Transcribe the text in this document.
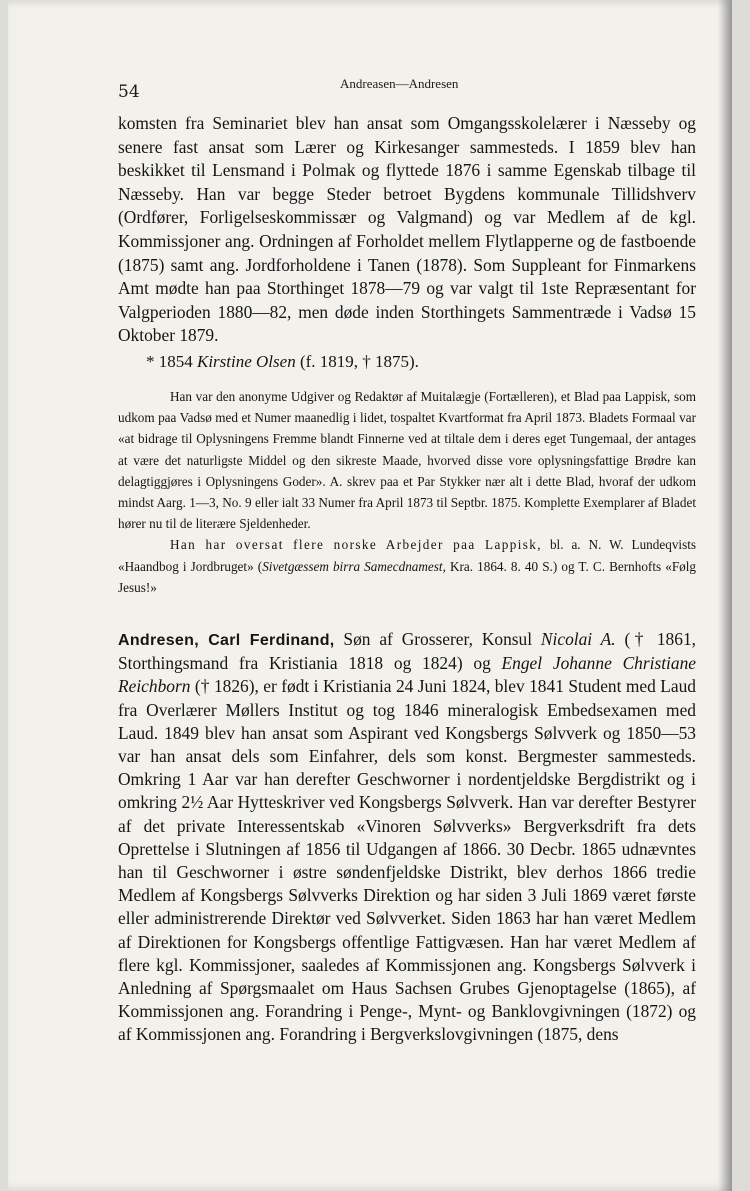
54	Andreasen—Andresen

komsten fra Seminariet blev han ansat som Omgangsskolelærer i Næsseby og senere fast ansat som Lærer og Kirkesanger sammesteds. I 1859 blev han beskikket til Lensmand i Polmak og flyttede 1876 i samme Egenskab tilbage til Næsseby. Han var begge Steder betroet Bygdens kommunale Tillidshverv (Ordfører, Forligelseskommissær og Valgmand) og var Medlem af de kgl. Kommissjoner ang. Ordningen af Forholdet mellem Flytlapperne og de fastboende (1875) samt ang. Jordforholdene i Tanen (1878). Som Suppleant for Finmarkens Amt mødte han paa Storthinget 1878—79 og var valgt til 1ste Repræsentant for Valgperioden 1880—82, men døde inden Storthingets Sammentræde i Vadsø 15 Oktober 1879.

* 1854 Kirstine Olsen (f. 1819, † 1875).

Han var den anonyme Udgiver og Redaktør af Muitalægje (Fortælleren), et Blad paa Lappisk, som udkom paa Vadsø med et Numer maanedlig i lidet, tospaltet Kvartformat fra April 1873. Bladets Formaal var «at bidrage til Oplysningens Fremme blandt Finnerne ved at tiltale dem i deres eget Tungemaal, der antages at være det naturligste Middel og den sikreste Maade, hvorved disse vore oplysningsfattige Brødre kan delagtiggjøres i Oplysningens Goder». A. skrev paa et Par Stykker nær alt i dette Blad, hvoraf der udkom mindst Aarg. 1—3, No. 9 eller ialt 33 Numer fra April 1873 til Septbr. 1875. Komplette Exemplarer af Bladet hører nu til de literære Sjeldenheder.

Han har oversat flere norske Arbejder paa Lappisk, bl. a. N. W. Lundeqvists «Haandbog i Jordbruget» (Sivetgæssem birra Samecdnamest, Kra. 1864. 8. 40 S.) og T. C. Bernhofts «Følg Jesus!»

Andresen, Carl Ferdinand, Søn af Grosserer, Konsul Nicolai A. († 1861, Storthingsmand fra Kristiania 1818 og 1824) og Engel Johanne Christiane Reichborn († 1826), er født i Kristiania 24 Juni 1824, blev 1841 Student med Laud fra Overlærer Møllers Institut og tog 1846 mineralogisk Embedsexamen med Laud. 1849 blev han ansat som Aspirant ved Kongsbergs Sølvverk og 1850—53 var han ansat dels som Einfahrer, dels som konst. Bergmester sammesteds. Omkring 1 Aar var han derefter Geschworner i nordentjeldske Bergdistrikt og i omkring 2½ Aar Hytteskriver ved Kongsbergs Sølvverk. Han var derefter Bestyrer af det private Interessentskab «Vinoren Sølvverks» Bergverksdrift fra dets Oprettelse i Slutningen af 1856 til Udgangen af 1866. 30 Decbr. 1865 udnævntes han til Geschworner i østre søndenfjeldske Distrikt, blev derhos 1866 tredie Medlem af Kongsbergs Sølvverks Direktion og har siden 3 Juli 1869 været første eller administrerende Direktør ved Sølvverket. Siden 1863 har han været Medlem af Direktionen for Kongsbergs offentlige Fattigvæsen. Han har været Medlem af flere kgl. Kommissjoner, saaledes af Kommissjonen ang. Kongsbergs Sølvverk i Anledning af Spørgsmaalet om Haus Sachsen Grubes Gjenoptagelse (1865), af Kommissjonen ang. Forandring i Penge-, Mynt- og Banklovgivningen (1872) og af Kommissjonen ang. Forandring i Bergverkslovgivningen (1875, dens
